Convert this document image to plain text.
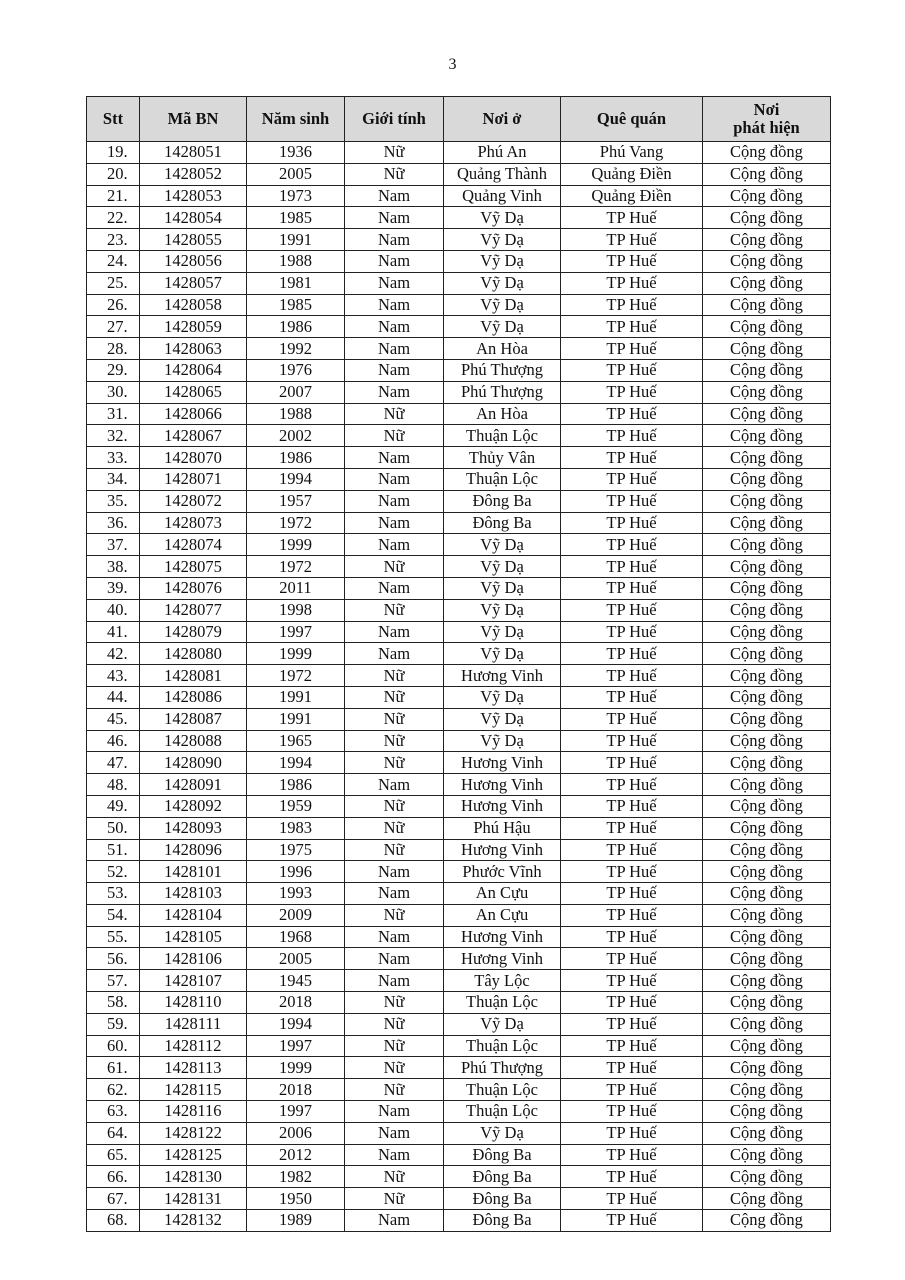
3
Stt	Mã BN	Năm sinh	Giới tính	Nơi ở	Quê quán	Nơi
phát hiện

19.	1428051	1936	Nữ	Phú An	Phú Vang	Cộng đồng
20.	1428052	2005	Nữ	Quảng Thành	Quảng Điền	Cộng đồng
21.	1428053	1973	Nam	Quảng Vinh	Quảng Điền	Cộng đồng
22.	1428054	1985	Nam	Vỹ Dạ	TP Huế	Cộng đồng
23.	1428055	1991	Nam	Vỹ Dạ	TP Huế	Cộng đồng
24.	1428056	1988	Nam	Vỹ Dạ	TP Huế	Cộng đồng
25.	1428057	1981	Nam	Vỹ Dạ	TP Huế	Cộng đồng
26.	1428058	1985	Nam	Vỹ Dạ	TP Huế	Cộng đồng
27.	1428059	1986	Nam	Vỹ Dạ	TP Huế	Cộng đồng
28.	1428063	1992	Nam	An Hòa	TP Huế	Cộng đồng
29.	1428064	1976	Nam	Phú Thượng	TP Huế	Cộng đồng
30.	1428065	2007	Nam	Phú Thượng	TP Huế	Cộng đồng
31.	1428066	1988	Nữ	An Hòa	TP Huế	Cộng đồng
32.	1428067	2002	Nữ	Thuận Lộc	TP Huế	Cộng đồng
33.	1428070	1986	Nam	Thủy Vân	TP Huế	Cộng đồng
34.	1428071	1994	Nam	Thuận Lộc	TP Huế	Cộng đồng
35.	1428072	1957	Nam	Đông Ba	TP Huế	Cộng đồng
36.	1428073	1972	Nam	Đông Ba	TP Huế	Cộng đồng
37.	1428074	1999	Nam	Vỹ Dạ	TP Huế	Cộng đồng
38.	1428075	1972	Nữ	Vỹ Dạ	TP Huế	Cộng đồng
39.	1428076	2011	Nam	Vỹ Dạ	TP Huế	Cộng đồng
40.	1428077	1998	Nữ	Vỹ Dạ	TP Huế	Cộng đồng
41.	1428079	1997	Nam	Vỹ Dạ	TP Huế	Cộng đồng
42.	1428080	1999	Nam	Vỹ Dạ	TP Huế	Cộng đồng
43.	1428081	1972	Nữ	Hương Vinh	TP Huế	Cộng đồng
44.	1428086	1991	Nữ	Vỹ Dạ	TP Huế	Cộng đồng
45.	1428087	1991	Nữ	Vỹ Dạ	TP Huế	Cộng đồng
46.	1428088	1965	Nữ	Vỹ Dạ	TP Huế	Cộng đồng
47.	1428090	1994	Nữ	Hương Vinh	TP Huế	Cộng đồng
48.	1428091	1986	Nam	Hương Vinh	TP Huế	Cộng đồng
49.	1428092	1959	Nữ	Hương Vinh	TP Huế	Cộng đồng
50.	1428093	1983	Nữ	Phú Hậu	TP Huế	Cộng đồng
51.	1428096	1975	Nữ	Hương Vinh	TP Huế	Cộng đồng
52.	1428101	1996	Nam	Phước Vĩnh	TP Huế	Cộng đồng
53.	1428103	1993	Nam	An Cựu	TP Huế	Cộng đồng
54.	1428104	2009	Nữ	An Cựu	TP Huế	Cộng đồng
55.	1428105	1968	Nam	Hương Vinh	TP Huế	Cộng đồng
56.	1428106	2005	Nam	Hương Vinh	TP Huế	Cộng đồng
57.	1428107	1945	Nam	Tây Lộc	TP Huế	Cộng đồng
58.	1428110	2018	Nữ	Thuận Lộc	TP Huế	Cộng đồng
59.	1428111	1994	Nữ	Vỹ Dạ	TP Huế	Cộng đồng
60.	1428112	1997	Nữ	Thuận Lộc	TP Huế	Cộng đồng
61.	1428113	1999	Nữ	Phú Thượng	TP Huế	Cộng đồng
62.	1428115	2018	Nữ	Thuận Lộc	TP Huế	Cộng đồng
63.	1428116	1997	Nam	Thuận Lộc	TP Huế	Cộng đồng
64.	1428122	2006	Nam	Vỹ Dạ	TP Huế	Cộng đồng
65.	1428125	2012	Nam	Đông Ba	TP Huế	Cộng đồng
66.	1428130	1982	Nữ	Đông Ba	TP Huế	Cộng đồng
67.	1428131	1950	Nữ	Đông Ba	TP Huế	Cộng đồng
68.	1428132	1989	Nam	Đông Ba	TP Huế	Cộng đồng
